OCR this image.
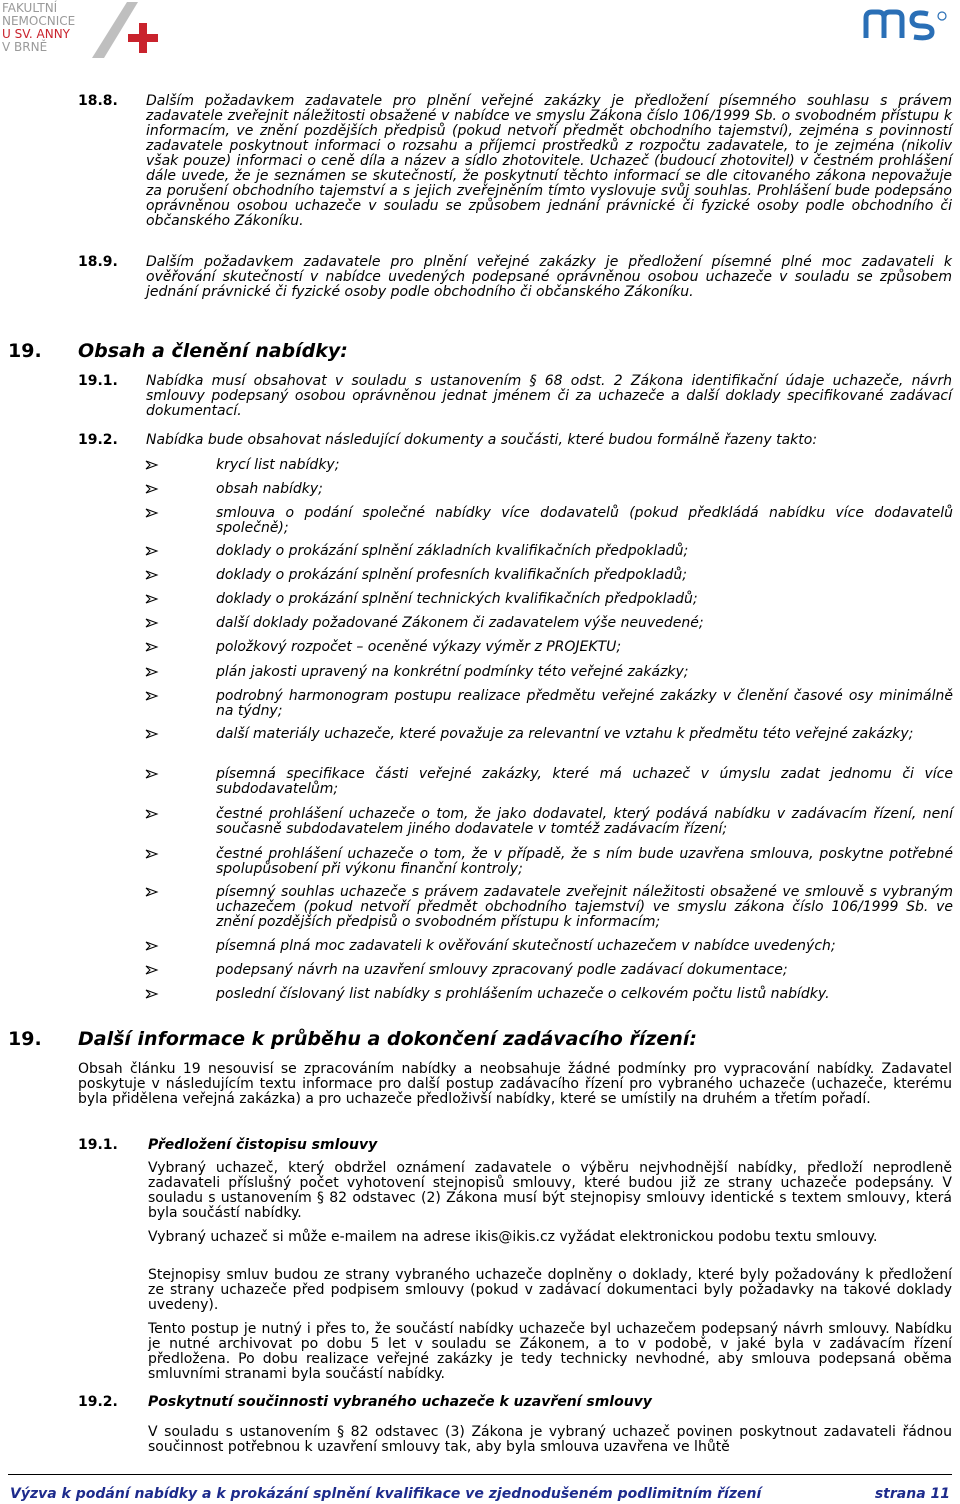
FAKULTNÍ
NEMOCNICE
U SV. ANNY
V BRNĚ
18.8. Dalším požadavkem zadavatele pro plnění veřejné zakázky je předložení písemného souhlasu s právem zadavatele zveřejnit náležitosti obsažené v nabídce ve smyslu Zákona číslo 106/1999 Sb. o svobodném přístupu k informacím, ve znění pozdějších předpisů (pokud netvoří předmět obchodního tajemství), zejména s povinností zadavatele poskytnout informaci o rozsahu a příjemci prostředků z rozpočtu zadavatele, to je zejména (nikoliv však pouze) informaci o ceně díla a název a sídlo zhotovitele. Uchazeč (budoucí zhotovitel) v čestném prohlášení dále uvede, že je seznámen se skutečností, že poskytnutí těchto informací se dle citovaného zákona nepovažuje za porušení obchodního tajemství a s jejich zveřejněním tímto vyslovuje svůj souhlas. Prohlášení bude podepsáno oprávněnou osobou uchazeče v souladu se způsobem jednání právnické či fyzické osoby podle obchodního či občanského Zákoníku.
18.9. Dalším požadavkem zadavatele pro plnění veřejné zakázky je předložení písemné plné moc zadavateli k ověřování skutečností v nabídce uvedených podepsané oprávněnou osobou uchazeče v souladu se způsobem jednání právnické či fyzické osoby podle obchodního či občanského Zákoníku.
19. Obsah a členění nabídky:
19.1. Nabídka musí obsahovat v souladu s ustanovením § 68 odst. 2 Zákona identifikační údaje uchazeče, návrh smlouvy podepsaný osobou oprávněnou jednat jménem či za uchazeče a další doklady specifikované zadávací dokumentací.
19.2. Nabídka bude obsahovat následující dokumenty a součásti, které budou formálně řazeny takto:
krycí list nabídky;
obsah nabídky;
smlouva o podání společné nabídky více dodavatelů (pokud předkládá nabídku více dodavatelů společně);
doklady o prokázání splnění základních kvalifikačních předpokladů;
doklady o prokázání splnění profesních kvalifikačních předpokladů;
doklady o prokázání splnění technických kvalifikačních předpokladů;
další doklady požadované Zákonem či zadavatelem výše neuvedené;
položkový rozpočet – oceněné výkazy výměr z PROJEKTU;
plán jakosti upravený na konkrétní podmínky této veřejné zakázky;
podrobný harmonogram postupu realizace předmětu veřejné zakázky v členění časové osy minimálně na týdny;
další materiály uchazeče, které považuje za relevantní ve vztahu k předmětu této veřejné zakázky;
písemná specifikace části veřejné zakázky, které má uchazeč v úmyslu zadat jednomu či více subdodavatelům;
čestné prohlášení uchazeče o tom, že jako dodavatel, který podává nabídku v zadávacím řízení, není současně subdodavatelem jiného dodavatele v tomtéž zadávacím řízení;
čestné prohlášení uchazeče o tom, že v případě, že s ním bude uzavřena smlouva, poskytne potřebné spolupůsobení při výkonu finanční kontroly;
písemný souhlas uchazeče s právem zadavatele zveřejnit náležitosti obsažené ve smlouvě s vybraným uchazečem (pokud netvoří předmět obchodního tajemství) ve smyslu zákona číslo 106/1999 Sb. ve znění pozdějších předpisů o svobodném přístupu k informacím;
písemná plná moc zadavateli k ověřování skutečností uchazečem v nabídce uvedených;
podepsaný návrh na uzavření smlouvy zpracovaný podle zadávací dokumentace;
poslední číslovaný list nabídky s prohlášením uchazeče o celkovém počtu listů nabídky.
19. Další informace k průběhu a dokončení zadávacího řízení:
Obsah článku 19 nesouvisí se zpracováním nabídky a neobsahuje žádné podmínky pro vypracování nabídky. Zadavatel poskytuje v následujícím textu informace pro další postup zadávacího řízení pro vybraného uchazeče (uchazeče, kterému byla přidělena veřejná zakázka) a pro uchazeče předloživší nabídky, které se umístily na druhém a třetím pořadí.
19.1. Předložení čistopisu smlouvy
Vybraný uchazeč, který obdržel oznámení zadavatele o výběru nejvhodnější nabídky, předloží neprodleně zadavateli příslušný počet vyhotovení stejnopisů smlouvy, které budou již ze strany uchazeče podepsány. V souladu s ustanovením § 82 odstavec (2) Zákona musí být stejnopisy smlouvy identické s textem smlouvy, která byla součástí nabídky.
Vybraný uchazeč si může e-mailem na adrese ikis@ikis.cz vyžádat elektronickou podobu textu smlouvy.
Stejnopisy smluv budou ze strany vybraného uchazeče doplněny o doklady, které byly požadovány k předložení ze strany uchazeče před podpisem smlouvy (pokud v zadávací dokumentaci byly požadavky na takové doklady uvedeny).
Tento postup je nutný i přes to, že součástí nabídky uchazeče byl uchazečem podepsaný návrh smlouvy. Nabídku je nutné archivovat po dobu 5 let v souladu se Zákonem, a to v podobě, v jaké byla v zadávacím řízení předložena. Po dobu realizace veřejné zakázky je tedy technicky nevhodné, aby smlouva podepsaná oběma smluvními stranami byla součástí nabídky.
19.2. Poskytnutí součinnosti vybraného uchazeče k uzavření smlouvy
V souladu s ustanovením § 82 odstavec (3) Zákona je vybraný uchazeč povinen poskytnout zadavateli řádnou součinnost potřebnou k uzavření smlouvy tak, aby byla smlouva uzavřena ve lhůtě
Výzva k podání nabídky a k prokázání splnění kvalifikace ve zjednodušeném podlimitním řízení	strana 11
